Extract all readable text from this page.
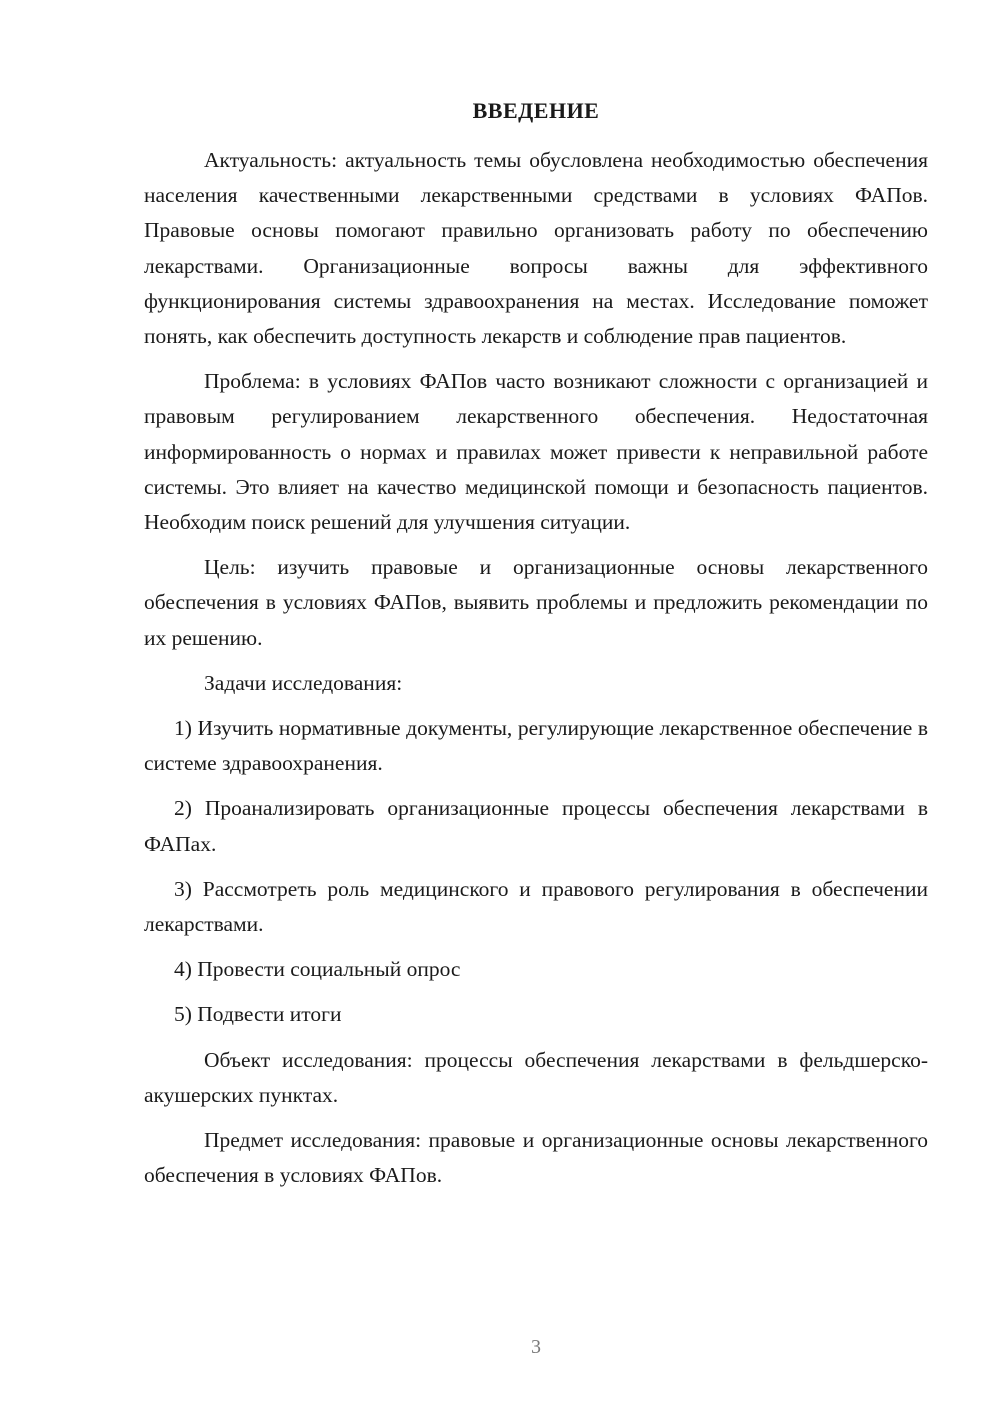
ВВЕДЕНИЕ

Актуальность: актуальность темы обусловлена необходимостью обеспечения населения качественными лекарственными средствами в условиях ФАПов. Правовые основы помогают правильно организовать работу по обеспечению лекарствами. Организационные вопросы важны для эффективного функционирования системы здравоохранения на местах. Исследование поможет понять, как обеспечить доступность лекарств и соблюдение прав пациентов.

Проблема: в условиях ФАПов часто возникают сложности с организацией и правовым регулированием лекарственного обеспечения. Недостаточная информированность о нормах и правилах может привести к неправильной работе системы. Это влияет на качество медицинской помощи и безопасность пациентов. Необходим поиск решений для улучшения ситуации.

Цель: изучить правовые и организационные основы лекарственного обеспечения в условиях ФАПов, выявить проблемы и предложить рекомендации по их решению.

Задачи исследования:

1) Изучить нормативные документы, регулирующие лекарственное обеспечение в системе здравоохранения.

2) Проанализировать организационные процессы обеспечения лекарствами в ФАПах.

3) Рассмотреть роль медицинского и правового регулирования в обеспечении лекарствами.

4) Провести социальный опрос

5) Подвести итоги

Объект исследования: процессы обеспечения лекарствами в фельдшерско-акушерских пунктах.

Предмет исследования: правовые и организационные основы лекарственного обеспечения в условиях ФАПов.

3
